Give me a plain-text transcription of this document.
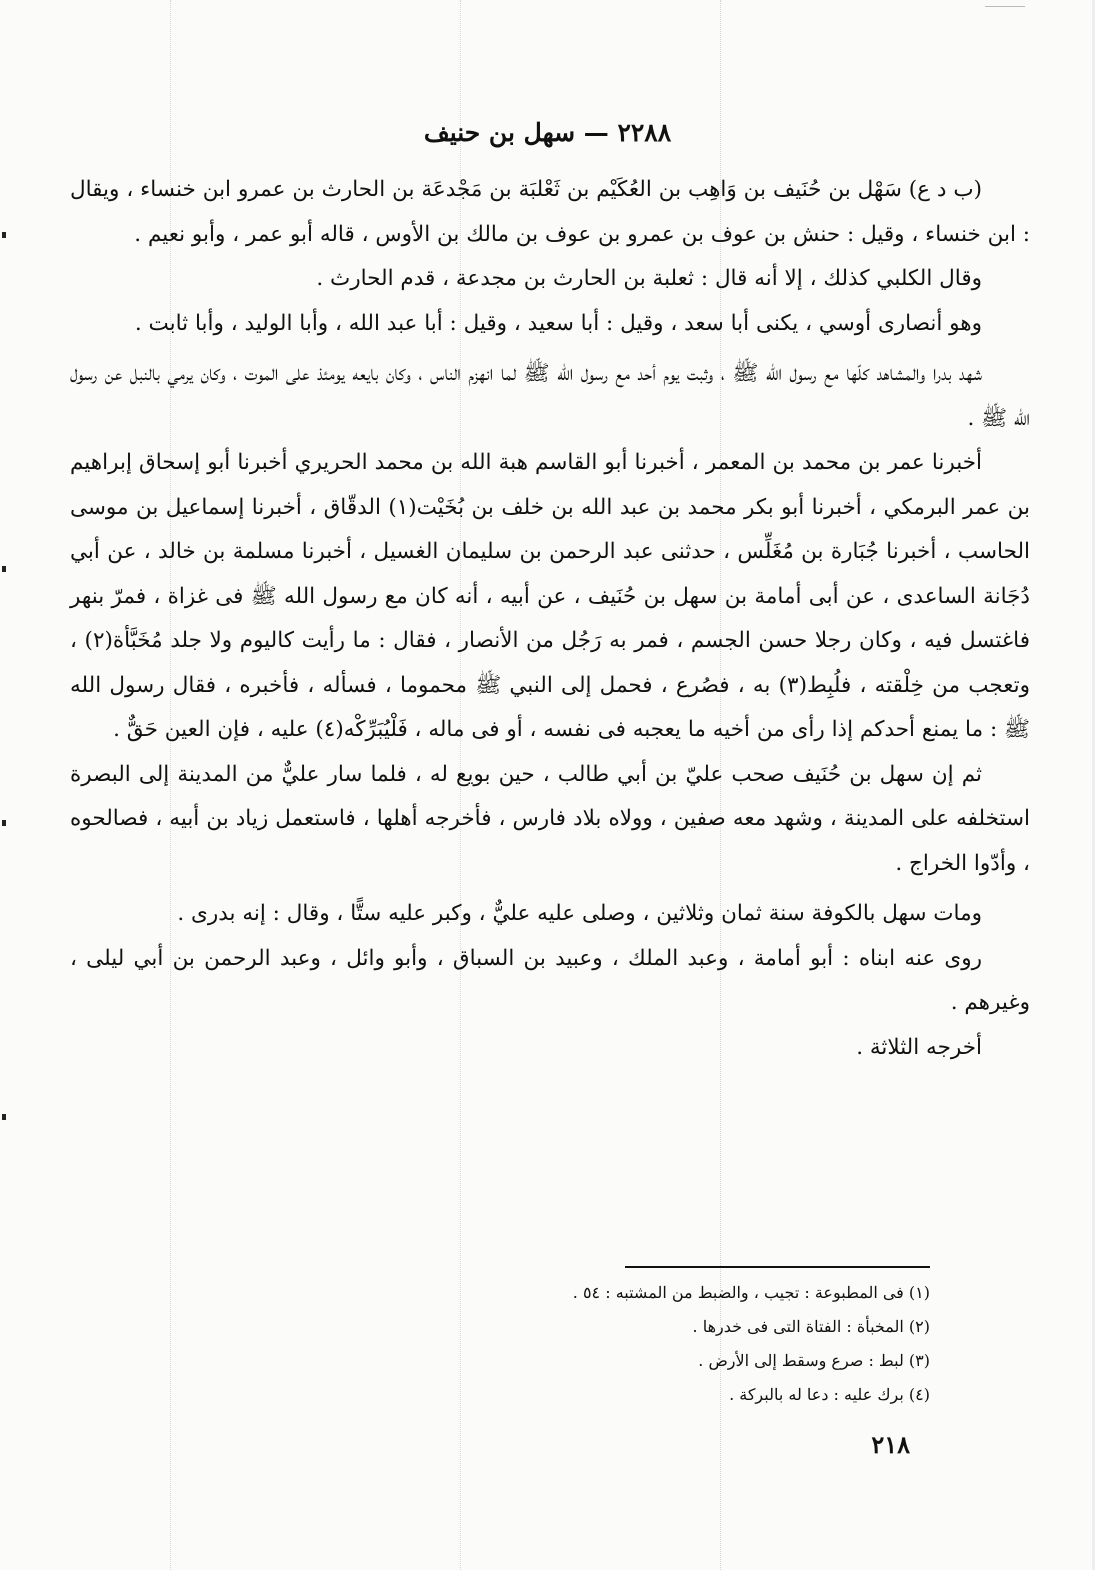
٢٢٨٨ — سهل بن حنيف

(ب د ع) سَهْل بن حُنَيف بن وَاهِب بن العُكَيْم بن ثَعْلبَة بن مَجْدعَة بن الحارث بن عمرو ابن خنساء ، ويقال : ابن خنساء ، وقيل : حنش بن عوف بن عمرو بن عوف بن مالك بن الأوس ، قاله أبو عمر ، وأبو نعيم .

وقال الكلبي كذلك ، إلا أنه قال : ثعلبة بن الحارث بن مجدعة ، قدم الحارث .

وهو أنصارى أوسي ، يكنى أبا سعد ، وقيل : أبا سعيد ، وقيل : أبا عبد الله ، وأبا الوليد ، وأبا ثابت .

شهد بدرا والمشاهد كلّها مع رسول الله ﷺ ، وثبت يوم أحد مع رسول الله ﷺ لما انهزم الناس ، وكان بايعه يومئذ على الموت ، وكان يرمي بالنبل عن رسول الله ﷺ .

أخبرنا عمر بن محمد بن المعمر ، أخبرنا أبو القاسم هبة الله بن محمد الحريري أخبرنا أبو إسحاق إبراهيم بن عمر البرمكي ، أخبرنا أبو بكر محمد بن عبد الله بن خلف بن بُخَيْت(١) الدقّاق ، أخبرنا إسماعيل بن موسى الحاسب ، أخبرنا جُبَارة بن مُغَلِّس ، حدثنى عبد الرحمن بن سليمان الغسيل ، أخبرنا مسلمة بن خالد ، عن أبي دُجَانة الساعدى ، عن أبى أمامة بن سهل بن حُنَيف ، عن أبيه ، أنه كان مع رسول الله ﷺ فى غزاة ، فمرّ بنهر فاغتسل فيه ، وكان رجلا حسن الجسم ، فمر به رَجُل من الأنصار ، فقال : ما رأيت كاليوم ولا جلد مُخَبَّأة(٢) ، وتعجب من خِلْقته ، فلُبِط(٣) به ، فصُرع ، فحمل إلى النبي ﷺ محموما ، فسأله ، فأخبره ، فقال رسول الله ﷺ : ما يمنع أحدكم إذا رأى من أخيه ما يعجبه فى نفسه ، أو فى ماله ، فَلْيُبَرِّكْه(٤) عليه ، فإن العين حَقٌّ .

ثم إن سهل بن حُنَيف صحب عليّ بن أبي طالب ، حين بويع له ، فلما سار عليٌّ من المدينة إلى البصرة استخلفه على المدينة ، وشهد معه صفين ، وولاه بلاد فارس ، فأخرجه أهلها ، فاستعمل زياد بن أبيه ، فصالحوه ، وأدّوا الخراج .

ومات سهل بالكوفة سنة ثمان وثلاثين ، وصلى عليه عليٌّ ، وكبر عليه ستًّا ، وقال : إنه بدرى .

روى عنه ابناه : أبو أمامة ، وعبد الملك ، وعبيد بن السباق ، وأبو وائل ، وعبد الرحمن بن أبي ليلى ، وغيرهم .

أخرجه الثلاثة .

(١) فى المطبوعة : تجيب ، والضبط من المشتبه : ٥٤ .
(٢) المخبأة : الفتاة التى فى خدرها .
(٣) لبط : صرع وسقط إلى الأرض .
(٤) برك عليه : دعا له بالبركة .
٢١٨
